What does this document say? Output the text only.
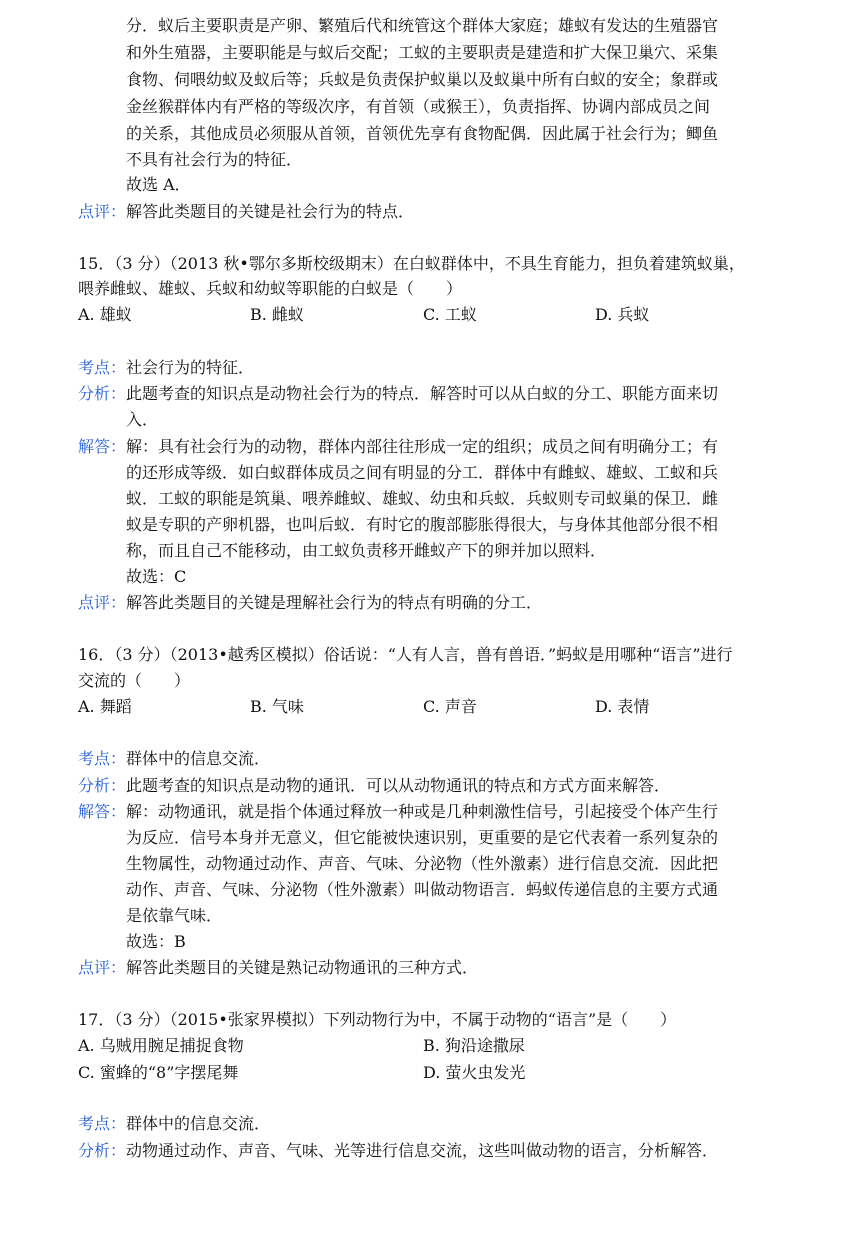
分．蚁后主要职责是产卵、繁殖后代和统管这个群体大家庭；雄蚁有发达的生殖器官
和外生殖器，主要职能是与蚁后交配；工蚁的主要职责是建造和扩大保卫巢穴、采集
食物、伺喂幼蚁及蚁后等；兵蚁是负责保护蚁巢以及蚁巢中所有白蚁的安全；象群或
金丝猴群体内有严格的等级次序，有首领（或猴王），负责指挥、协调内部成员之间
的关系，其他成员必须服从首领，首领优先享有食物配偶．因此属于社会行为；鲫鱼
不具有社会行为的特征．
故选 A．
点评：解答此类题目的关键是社会行为的特点．
15．（3 分）（2013 秋•鄂尔多斯校级期末）在白蚁群体中，不具生育能力，担负着建筑蚁巢，
喂养雌蚁、雄蚁、兵蚁和幼蚁等职能的白蚁是（　　）
A. 雄蚁	B. 雌蚁	C. 工蚁	D. 兵蚁
考点：社会行为的特征．
分析：此题考查的知识点是动物社会行为的特点．解答时可以从白蚁的分工、职能方面来切
入．
解答：解：具有社会行为的动物，群体内部往往形成一定的组织；成员之间有明确分工；有
的还形成等级．如白蚁群体成员之间有明显的分工．群体中有雌蚁、雄蚁、工蚁和兵
蚁．工蚁的职能是筑巢、喂养雌蚁、雄蚁、幼虫和兵蚁．兵蚁则专司蚁巢的保卫．雌
蚁是专职的产卵机器，也叫后蚁．有时它的腹部膨胀得很大，与身体其他部分很不相
称，而且自己不能移动，由工蚁负责移开雌蚁产下的卵并加以照料．
故选：C
点评：解答此类题目的关键是理解社会行为的特点有明确的分工．
16．（3 分）（2013•越秀区模拟）俗话说：“人有人言，兽有兽语．”蚂蚁是用哪种“语言”进行
交流的（　　）
A. 舞蹈	B. 气味	C. 声音	D. 表情
考点：群体中的信息交流．
分析：此题考查的知识点是动物的通讯．可以从动物通讯的特点和方式方面来解答．
解答：解：动物通讯，就是指个体通过释放一种或是几种刺激性信号，引起接受个体产生行
为反应．信号本身并无意义，但它能被快速识别，更重要的是它代表着一系列复杂的
生物属性，动物通过动作、声音、气味、分泌物（性外激素）进行信息交流．因此把
动作、声音、气味、分泌物（性外激素）叫做动物语言．蚂蚁传递信息的主要方式通
是依靠气味．
故选：B
点评：解答此类题目的关键是熟记动物通讯的三种方式．
17．（3 分）（2015•张家界模拟）下列动物行为中，不属于动物的“语言”是（　　）
A. 乌贼用腕足捕捉食物	B. 狗沿途撒尿
C. 蜜蜂的“8”字摆尾舞	D. 萤火虫发光
考点：群体中的信息交流．
分析：动物通过动作、声音、气味、光等进行信息交流，这些叫做动物的语言，分析解答．
